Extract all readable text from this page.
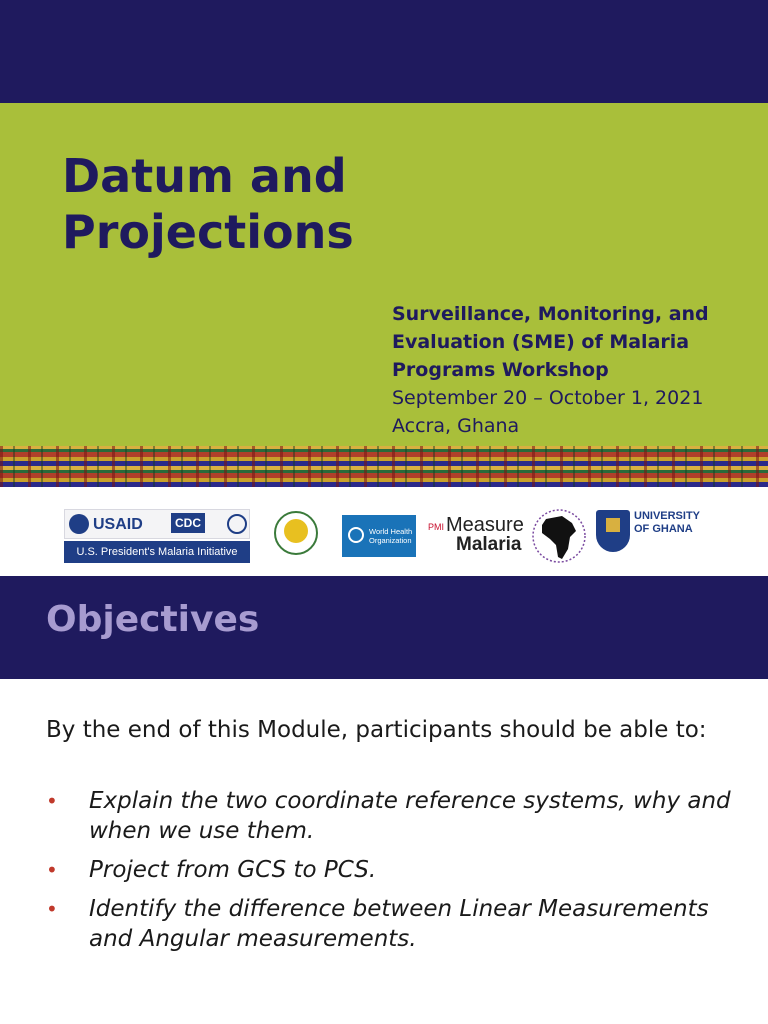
Datum and
Projections
Surveillance, Monitoring, and
Evaluation (SME) of Malaria
Programs Workshop
September 20 – October 1, 2021
Accra, Ghana
USAID	CDC
U.S. President's Malaria Initiative
World Health Organization
PMI Measure
Malaria
UNIVERSITY
OF GHANA
Objectives

By the end of this Module, participants should be able to:

• Explain the two coordinate reference systems, why and when we use them.
• Project from GCS to PCS.
• Identify the difference between Linear Measurements and Angular measurements.
